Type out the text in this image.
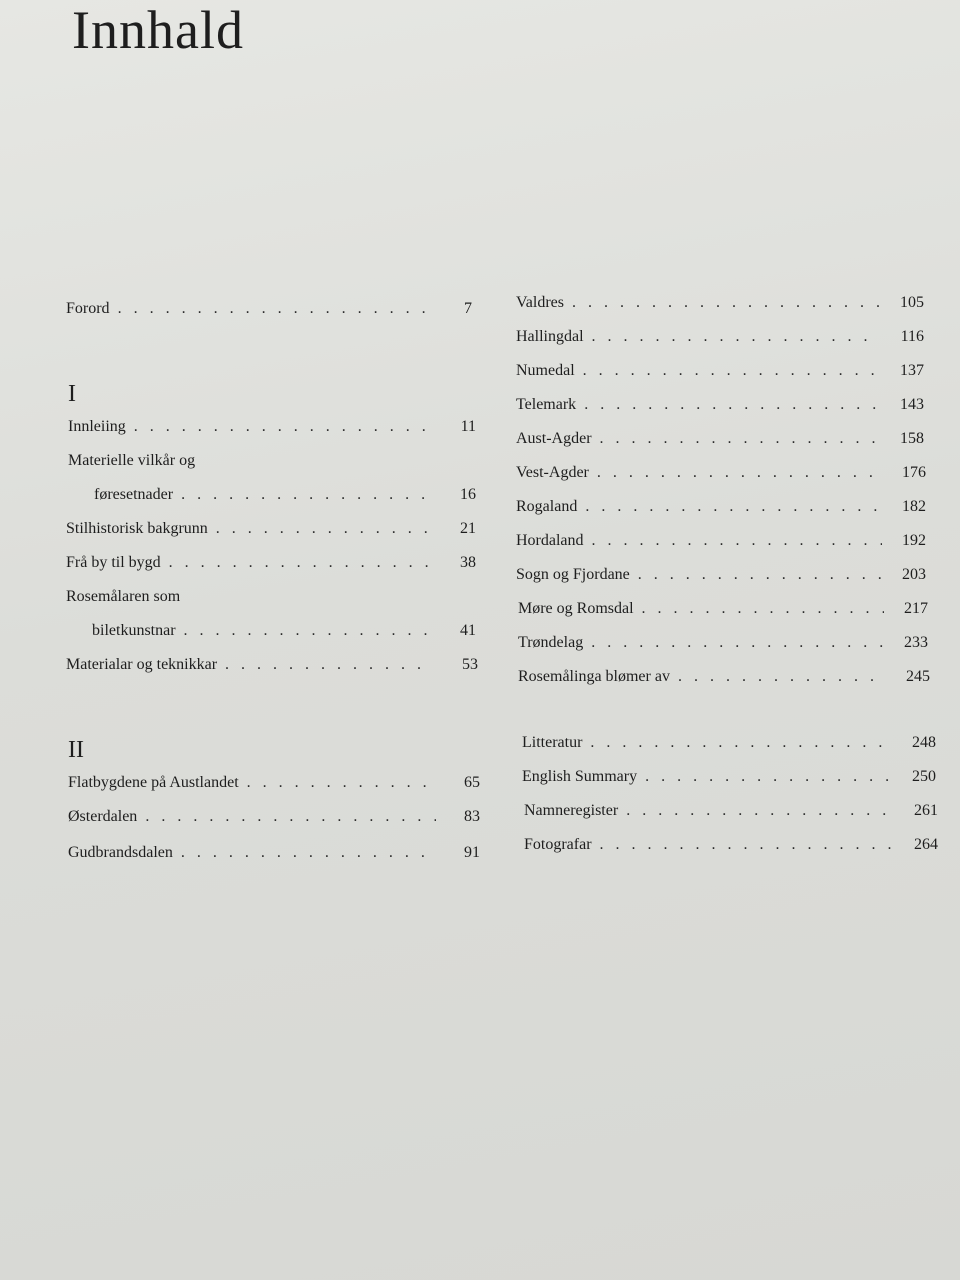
Innhald
Forord . . .	7
I
Innleiing . . .	11
Materielle vilkår og
føresetnader . . .	16
Stilhistorisk bakgrunn . . .	21
Frå by til bygd . . .	38
Rosemålaren som
biletkunstnar . . .	41
Materialar og teknikkar . . .	53
II
Flatbygdene på Austlandet . . .	65
Østerdalen . . .	83
Gudbrandsdalen . . .	91
Valdres . . .	105
Hallingdal . . .	116
Numedal . . .	137
Telemark . . .	143
Aust-Agder . . .	158
Vest-Agder . . .	176
Rogaland . . .	182
Hordaland . . .	192
Sogn og Fjordane . . .	203
Møre og Romsdal . . .	217
Trøndelag . . .	233
Rosemålinga blømer av . . .	245
Litteratur . . .	248
English Summary . . .	250
Namneregister . . .	261
Fotografar . . .	264
